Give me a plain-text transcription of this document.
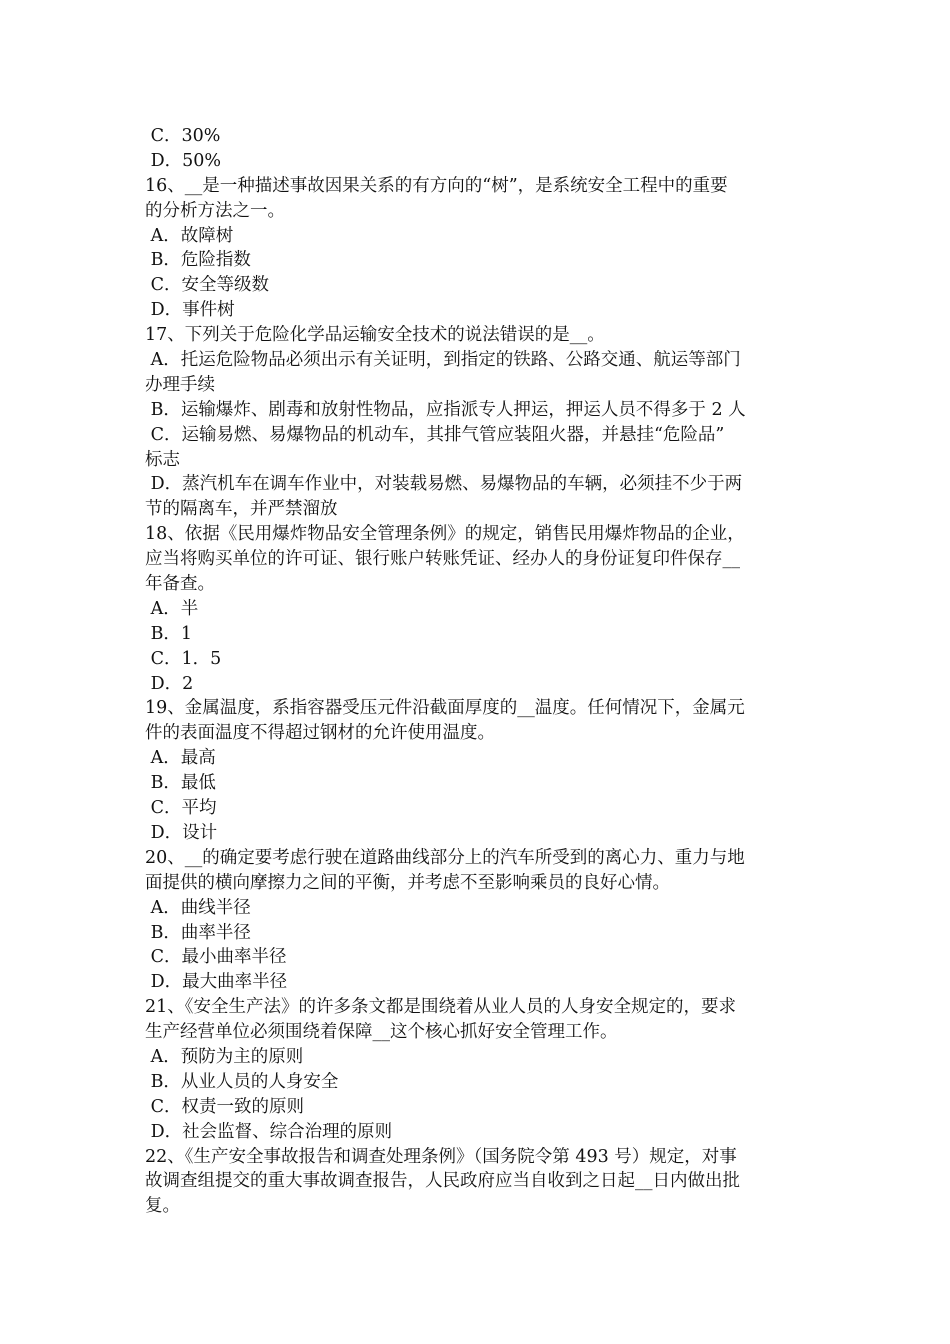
C．30%
D．50%
16、__是一种描述事故因果关系的有方向的“树”，是系统安全工程中的重要
的分析方法之一。
A．故障树
B．危险指数
C．安全等级数
D．事件树
17、下列关于危险化学品运输安全技术的说法错误的是__。
A．托运危险物品必须出示有关证明，到指定的铁路、公路交通、航运等部门
办理手续
B．运输爆炸、剧毒和放射性物品，应指派专人押运，押运人员不得多于 2 人
C．运输易燃、易爆物品的机动车，其排气管应装阻火器，并悬挂“危险品”
标志
D．蒸汽机车在调车作业中，对装载易燃、易爆物品的车辆，必须挂不少于两
节的隔离车，并严禁溜放
18、依据《民用爆炸物品安全管理条例》的规定，销售民用爆炸物品的企业，
应当将购买单位的许可证、银行账户转账凭证、经办人的身份证复印件保存__
年备查。
A．半
B．1
C．1．5
D．2
19、金属温度，系指容器受压元件沿截面厚度的__温度。任何情况下，金属元
件的表面温度不得超过钢材的允许使用温度。
A．最高
B．最低
C．平均
D．设计
20、__的确定要考虑行驶在道路曲线部分上的汽车所受到的离心力、重力与地
面提供的横向摩擦力之间的平衡，并考虑不至影响乘员的良好心情。
A．曲线半径
B．曲率半径
C．最小曲率半径
D．最大曲率半径
21、《安全生产法》的许多条文都是围绕着从业人员的人身安全规定的，要求
生产经营单位必须围绕着保障__这个核心抓好安全管理工作。
A．预防为主的原则
B．从业人员的人身安全
C．权责一致的原则
D．社会监督、综合治理的原则
22、《生产安全事故报告和调查处理条例》（国务院令第 493 号）规定，对事
故调查组提交的重大事故调查报告，人民政府应当自收到之日起__日内做出批
复。
